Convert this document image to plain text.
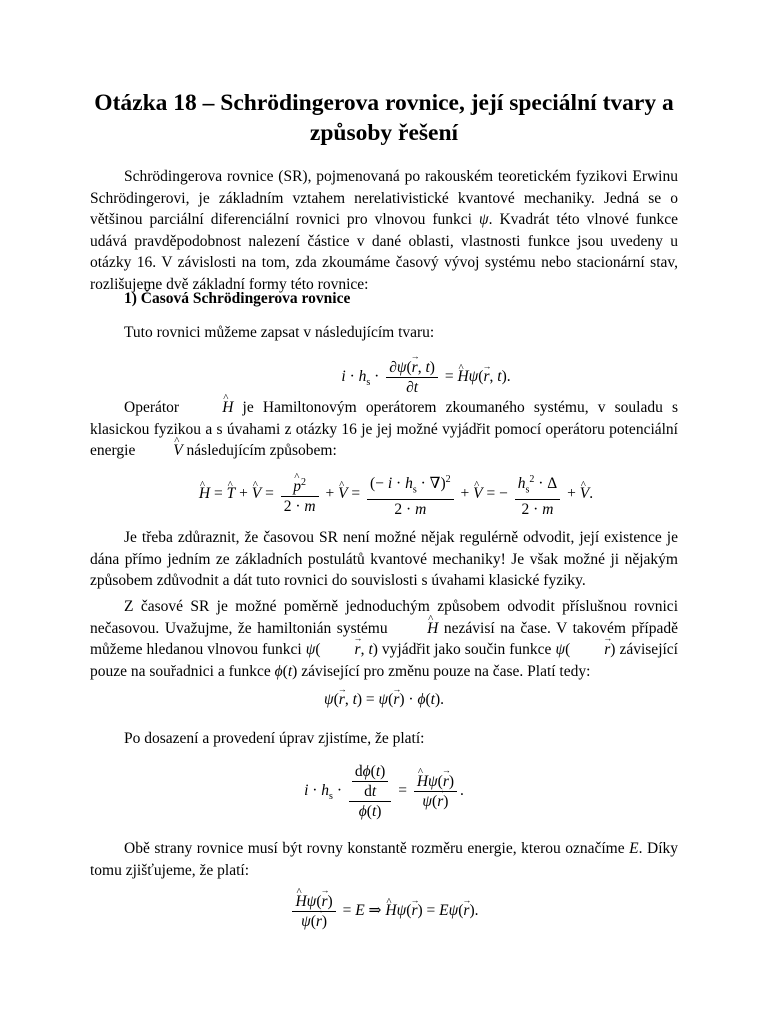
Otázka 18 – Schrödingerova rovnice, její speciální tvary a způsoby řešení

Schrödingerova rovnice (SR), pojmenovaná po rakouském teoretickém fyzikovi Erwinu Schrödingerovi, je základním vztahem nerelativistické kvantové mechaniky. Jedná se o většinou parciální diferenciální rovnici pro vlnovou funkci ψ. Kvadrát této vlnové funkce udává pravděpodobnost nalezení částice v dané oblasti, vlastnosti funkce jsou uvedeny u otázky 16. V závislosti na tom, zda zkoumáme časový vývoj systému nebo stacionární stav, rozlišujeme dvě základní formy této rovnice:

1) Časová Schrödingerova rovnice

Tuto rovnici můžeme zapsat v následujícím tvaru:

$i \cdot h_s \cdot \frac{\partial\psi(r \to, t)}{\partial t} = H$ ^ψ(r →, t).

Operátor H ^ je Hamiltonovým operátorem zkoumaného systému, v souladu s klasickou fyzikou a s úvahami z otázky 16 je jej možné vyjádřit pomocí operátoru potenciální energie V ^ následujícím způsobem:

H ^ = T ^ + V ^ = $\frac{p \^{}^2}{2 \cdot m} + V$ ^ = $\frac{(- i \cdot h_s \cdot \nabla)^2}{2 \cdot m} + V$ ^ = − $\frac{h_s^2 \cdot \Delta}{2 \cdot m} + V$ ^.

Je třeba zdůraznit, že časovou SR není možné nějak regulérně odvodit, její existence je dána přímo jedním ze základních postulátů kvantové mechaniky! Je však možné ji nějakým způsobem zdůvodnit a dát tuto rovnici do souvislosti s úvahami klasické fyziky.

Z časové SR je možné poměrně jednoduchým způsobem odvodit příslušnou rovnici nečasovou. Uvažujme, že hamiltonián systému H ^ nezávisí na čase. V takovém případě můžeme hledanou vlnovou funkci ψ( r →, t) vyjádřit jako součin funkce ψ( r →) závisející pouze na souřadnici a funkce ϕ(t) závisející pro změnu pouze na čase. Platí tedy:

ψ(r →, t) = ψ(r →) · ϕ(t).

Po dosazení a provedení úprav zjistíme, že platí:

$i \cdot h_s \cdot \frac{\frac{d\phi(t)}{dt}}{\phi(t)} = \frac{H \^{}\psi(r \to)}{\psi(r \to)}$ .

Obě strany rovnice musí být rovny konstantě rozměru energie, kterou označíme E. Díky tomu zjišťujeme, že platí:

$\frac{H \^{}\psi(r \to)}{\psi(r \to)} = E$ ⇒ H ^ψ(r →) = Eψ(r →).
